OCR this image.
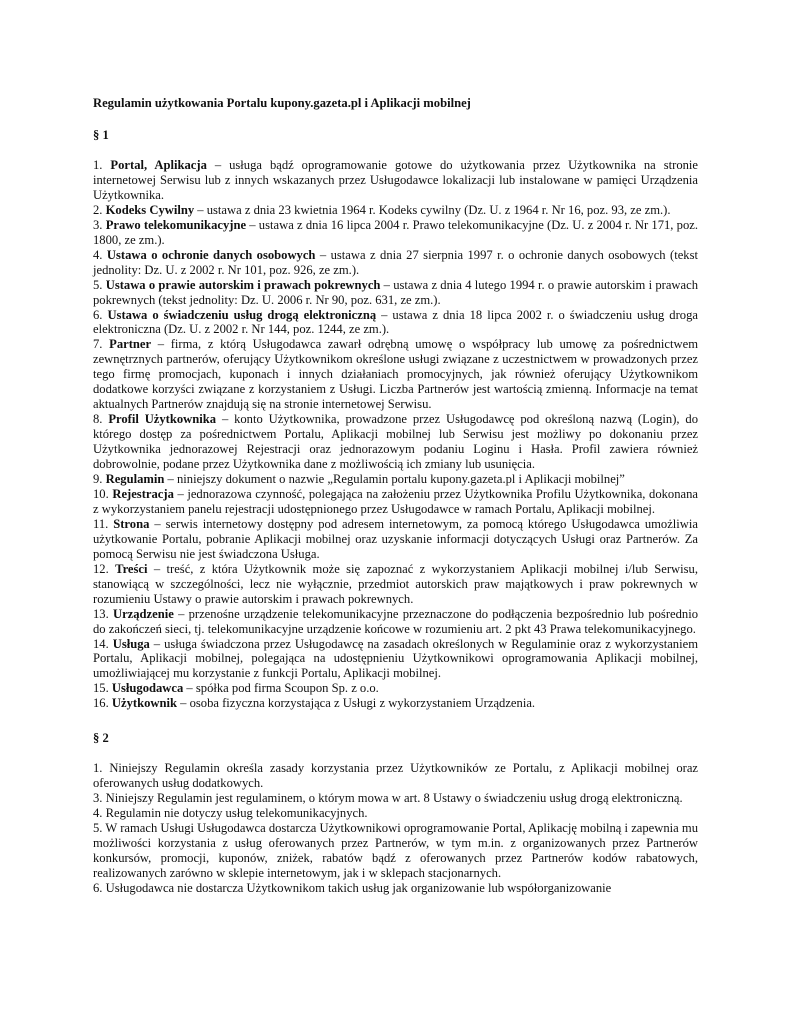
Regulamin użytkowania Portalu kupony.gazeta.pl i Aplikacji mobilnej

§ 1

1. Portal, Aplikacja – usługa bądź oprogramowanie gotowe do użytkowania przez Użytkownika na stronie internetowej Serwisu lub z innych wskazanych przez Usługodawce lokalizacji lub instalowane w pamięci Urządzenia Użytkownika.

2. Kodeks Cywilny – ustawa z dnia 23 kwietnia 1964 r. Kodeks cywilny (Dz. U. z 1964 r. Nr 16, poz. 93, ze zm.).

3. Prawo telekomunikacyjne – ustawa z dnia 16 lipca 2004 r. Prawo telekomunikacyjne (Dz. U. z 2004 r. Nr 171, poz. 1800, ze zm.).

4. Ustawa o ochronie danych osobowych – ustawa z dnia 27 sierpnia 1997 r. o ochronie danych osobowych (tekst jednolity: Dz. U. z 2002 r. Nr 101, poz. 926, ze zm.).

5. Ustawa o prawie autorskim i prawach pokrewnych – ustawa z dnia 4 lutego 1994 r. o prawie autorskim i prawach pokrewnych (tekst jednolity: Dz. U. 2006 r. Nr 90, poz. 631, ze zm.).

6. Ustawa o świadczeniu usług drogą elektroniczną – ustawa z dnia 18 lipca 2002 r. o świadczeniu usług droga elektroniczna (Dz. U. z 2002 r. Nr 144, poz. 1244, ze zm.).

7. Partner – firma, z którą Usługodawca zawarł odrębną umowę o współpracy lub umowę za pośrednictwem zewnętrznych partnerów, oferujący Użytkownikom określone usługi związane z uczestnictwem w prowadzonych przez tego firmę promocjach, kuponach i innych działaniach promocyjnych, jak również oferujący Użytkownikom dodatkowe korzyści związane z korzystaniem z Usługi. Liczba Partnerów jest wartością zmienną. Informacje na temat aktualnych Partnerów znajdują się na stronie internetowej Serwisu.

8. Profil Użytkownika – konto Użytkownika, prowadzone przez Usługodawcę pod określoną nazwą (Login), do którego dostęp za pośrednictwem Portalu, Aplikacji mobilnej lub Serwisu jest możliwy po dokonaniu przez Użytkownika jednorazowej Rejestracji oraz jednorazowym podaniu Loginu i Hasła. Profil zawiera również dobrowolnie, podane przez Użytkownika dane z możliwością ich zmiany lub usunięcia.

9. Regulamin – niniejszy dokument o nazwie „Regulamin portalu kupony.gazeta.pl i Aplikacji mobilnej”

10. Rejestracja – jednorazowa czynność, polegająca na założeniu przez Użytkownika Profilu Użytkownika, dokonana z wykorzystaniem panelu rejestracji udostępnionego przez Usługodawce w ramach Portalu, Aplikacji mobilnej.

11. Strona – serwis internetowy dostępny pod adresem internetowym, za pomocą którego Usługodawca umożliwia użytkowanie Portalu, pobranie Aplikacji mobilnej oraz uzyskanie informacji dotyczących Usługi oraz Partnerów. Za pomocą Serwisu nie jest świadczona Usługa.

12. Treści – treść, z która Użytkownik może się zapoznać z wykorzystaniem Aplikacji mobilnej i/lub Serwisu, stanowiącą w szczególności, lecz nie wyłącznie, przedmiot autorskich praw majątkowych i praw pokrewnych w rozumieniu Ustawy o prawie autorskim i prawach pokrewnych.

13. Urządzenie – przenośne urządzenie telekomunikacyjne przeznaczone do podłączenia bezpośrednio lub pośrednio do zakończeń sieci, tj. telekomunikacyjne urządzenie końcowe w rozumieniu art. 2 pkt 43 Prawa telekomunikacyjnego.

14. Usługa – usługa świadczona przez Usługodawcę na zasadach określonych w Regulaminie oraz z wykorzystaniem Portalu, Aplikacji mobilnej, polegająca na udostępnieniu Użytkownikowi oprogramowania Aplikacji mobilnej, umożliwiającej mu korzystanie z funkcji Portalu, Aplikacji mobilnej.

15. Usługodawca – spółka pod firma Scoupon Sp. z o.o.

16. Użytkownik – osoba fizyczna korzystająca z Usługi z wykorzystaniem Urządzenia.

§ 2

1. Niniejszy Regulamin określa zasady korzystania przez Użytkowników ze Portalu, z Aplikacji mobilnej oraz oferowanych usług dodatkowych.

3. Niniejszy Regulamin jest regulaminem, o którym mowa w art. 8 Ustawy o świadczeniu usług drogą elektroniczną.

4. Regulamin nie dotyczy usług telekomunikacyjnych.

5. W ramach Usługi Usługodawca dostarcza Użytkownikowi oprogramowanie Portal, Aplikację mobilną i zapewnia mu możliwości korzystania z usług oferowanych przez Partnerów, w tym m.in. z organizowanych przez Partnerów konkursów, promocji, kuponów, zniżek, rabatów bądź z oferowanych przez Partnerów kodów rabatowych, realizowanych zarówno w sklepie internetowym, jak i w sklepach stacjonarnych.

6. Usługodawca nie dostarcza Użytkownikom takich usług jak organizowanie lub współorganizowanie
